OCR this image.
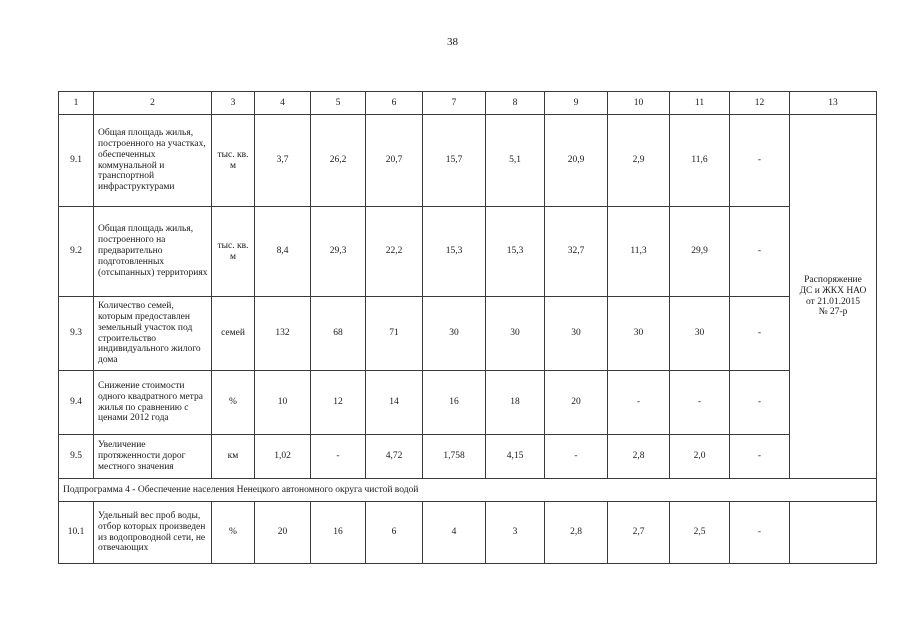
38
1	2	3	4	5	6	7	8	9	10	11	12	13
9.1	Общая площадь жилья, построенного на участках, обеспеченных коммунальной и транспортной инфраструктурами	тыс. кв. м	3,7	26,2	20,7	15,7	5,1	20,9	2,9	11,6	-	Распоряжение
ДС и ЖКХ НАО
от 21.01.2015
№ 27-р

9.2	Общая площадь жилья, построенного на предварительно подготовленных (отсыпанных) территориях	тыс. кв. м	8,4	29,3	22,2	15,3	15,3	32,7	11,3	29,9	-	
9.3	Количество семей, которым предоставлен земельный участок под строительство индивидуального жилого дома	семей	132	68	71	30	30	30	30	30	-	
9.4	Снижение стоимости одного квадратного метра жилья по сравнению с ценами 2012 года	%	10	12	14	16	18	20	-	-	-	
9.5	Увеличение протяженности дорог местного значения	км	1,02	-	4,72	1,758	4,15	-	2,8	2,0	-	
Подпрограмма 4 - Обеспечение населения Ненецкого автономного округа чистой водой												
10.1	Удельный вес проб воды, отбор которых произведен из водопроводной сети, не отвечающих	%	20	16	6	4	3	2,8	2,7	2,5	-	
